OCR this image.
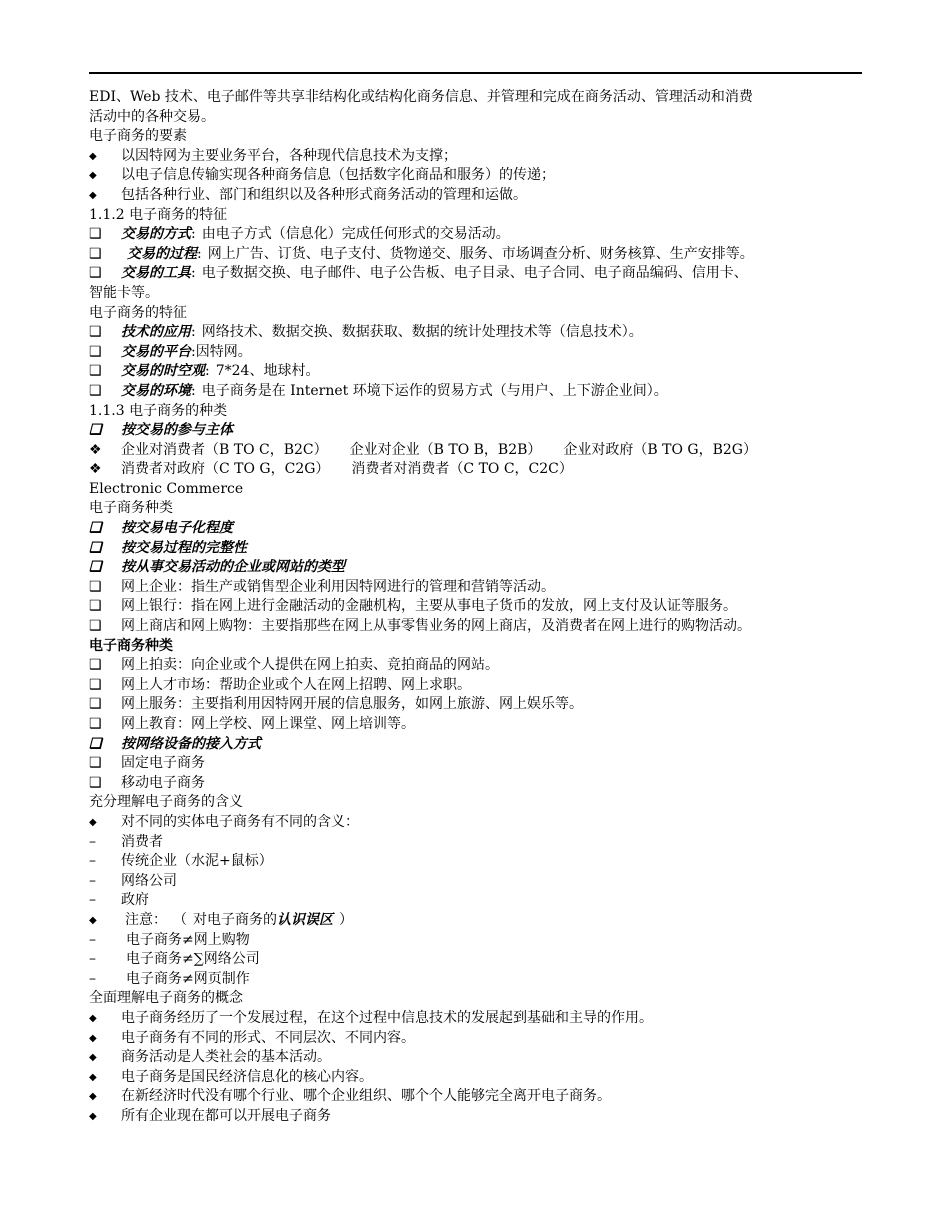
EDI、Web 技术、电子邮件等共享非结构化或结构化商务信息、并管理和完成在商务活动、管理活动和消费
活动中的各种交易。
电子商务的要素
◆	以因特网为主要业务平台，各种现代信息技术为支撑；
◆	以电子信息传输实现各种商务信息（包括数字化商品和服务）的传递；
◆	包括各种行业、部门和组织以及各种形式商务活动的管理和运做。
1.1.2 电子商务的特征
❑	交易的方式 : 由电子方式（信息化）完成任何形式的交易活动。
❑	交易的过程 : 网上广告、订货、电子支付、货物递交、服务、市场调查分析、财务核算、生产安排等。
❑	交易的工具 : 电子数据交换、电子邮件、电子公告板、电子目录、电子合同、电子商品编码、信用卡、
智能卡等。
电子商务的特征
❑	技术的应用 : 网络技术、数据交换、数据获取、数据的统计处理技术等（信息技术）。
❑	交易的平台 : 因特网。
❑	交易的时空观 : 7*24、地球村。
❑	交易的环境 : 电子商务是在 Internet 环境下运作的贸易方式（与用户、上下游企业间）。
1.1.3 电子商务的种类
❑	按交易的参与主体
❖	企业对消费者（B TO C，B2C） 企业对企业（B TO B，B2B） 企业对政府（B TO G，B2G）
❖	消费者对政府（C TO G，C2G） 消费者对消费者（C TO C，C2C）
Electronic Commerce
电子商务种类
❑	按交易电子化程度
❑	按交易过程的完整性
❑	按从事交易活动的企业或网站的类型
❑	网上企业：指生产或销售型企业利用因特网进行的管理和营销等活动。
❑	网上银行：指在网上进行金融活动的金融机构，主要从事电子货币的发放，网上支付及认证等服务。
❑	网上商店和网上购物：主要指那些在网上从事零售业务的网上商店，及消费者在网上进行的购物活动。
电子商务种类
❑	网上拍卖：向企业或个人提供在网上拍卖、竞拍商品的网站。
❑	网上人才市场：帮助企业或个人在网上招聘、网上求职。
❑	网上服务：主要指利用因特网开展的信息服务，如网上旅游、网上娱乐等。
❑	网上教育：网上学校、网上课堂、网上培训等。
❑	按网络设备的接入方式
❑	固定电子商务
❑	移动电子商务
充分理解电子商务的含义
◆	对不同的实体电子商务有不同的含义：
–	消费者
–	传统企业（水泥+鼠标）
–	网络公司
–	政府
◆	注意： （ 对电子商务的 认识误区 ）
–	电子商务≠网上购物
–	电子商务≠∑网络公司
–	电子商务≠网页制作
全面理解电子商务的概念
◆	电子商务经历了一个发展过程，在这个过程中信息技术的发展起到基础和主导的作用。
◆	电子商务有不同的形式、不同层次、不同内容。
◆	商务活动是人类社会的基本活动。
◆	电子商务是国民经济信息化的核心内容。
◆	在新经济时代没有哪个行业、哪个企业组织、哪个个人能够完全离开电子商务。
◆	所有企业现在都可以开展电子商务
